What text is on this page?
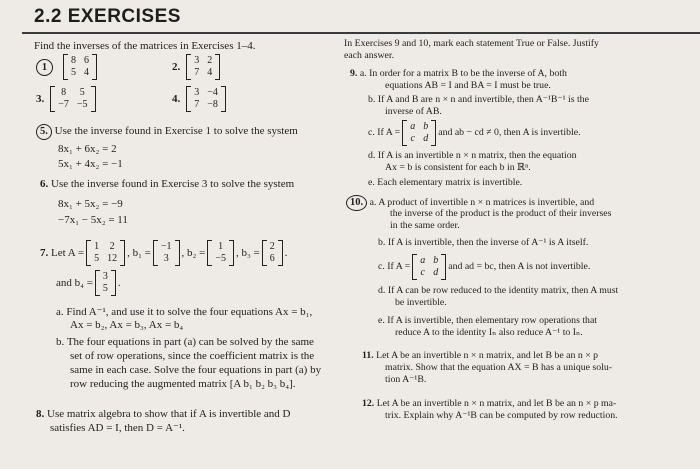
2.2 EXERCISES
Find the inverses of the matrices in Exercises 1–4.
1
8
5
6
4	2.
3
7
2
4
3.
8
−7
5
−5	4.
3
7
−4
−8
5. Use the inverse found in Exercise 1 to solve the system
8x₁ + 6x₂ = 2
5x₁ + 4x₂ = −1
6. Use the inverse found in Exercise 3 to solve the system
8x₁ + 5x₂ = −9
−7x₁ − 5x₂ = 11
7.
Let A =
1
5
2
12 , b₁ =
−1
3 , b₂ =
1
−5 , b₃ =
2
6 .
and b₄ =
3
5 .
a. Find A⁻¹, and use it to solve the four equations Ax = b₁,
Ax = b₂, Ax = b₃, Ax = b₄
b. The four equations in part (a) can be solved by the same
set of row operations, since the coefficient matrix is the
same in each case. Solve the four equations in part (a) by
row reducing the augmented matrix [A b₁ b₂ b₃ b₄].
8. Use matrix algebra to show that if A is invertible and D
satisfies AD = I, then D = A⁻¹.
In Exercises 9 and 10, mark each statement True or False. Justify
each answer.
9. a. In order for a matrix B to be the inverse of A, both
equations AB = I and BA = I must be true.
b. If A and B are n × n and invertible, then A⁻¹B⁻¹ is the
inverse of AB.
c.
If A =
a
c
b
d
and ab − cd ≠ 0, then A is invertible.
d. If A is an invertible n × n matrix, then the equation
Ax = b is consistent for each b in ℝⁿ.
e. Each elementary matrix is invertible.
10. a. A product of invertible n × n matrices is invertible, and
the inverse of the product is the product of their inverses
in the same order.
b. If A is invertible, then the inverse of A⁻¹ is A itself.
c.
If A =
a
c
b
d
and ad = bc, then A is not invertible.
d. If A can be row reduced to the identity matrix, then A must
be invertible.
e. If A is invertible, then elementary row operations that
reduce A to the identity Iₙ also reduce A⁻¹ to Iₙ.
11. Let A be an invertible n × n matrix, and let B be an n × p
matrix. Show that the equation AX = B has a unique solu-
tion A⁻¹B.
12. Let A be an invertible n × n matrix, and let B be an n × p ma-
trix. Explain why A⁻¹B can be computed by row reduction.
